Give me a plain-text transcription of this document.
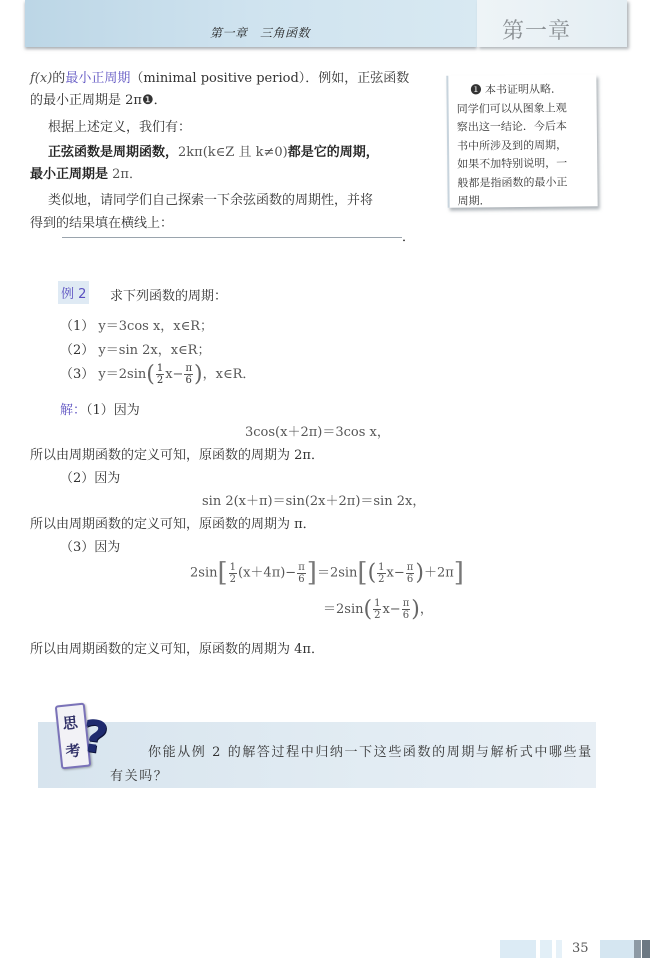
第一章　三角函数	第一章
f(x)的最小正周期（minimal positive period）．例如，正弦函数
的最小正周期是 2π❶．
根据上述定义，我们有：
正弦函数是周期函数，2kπ(k∈Z 且 k≠0)都是它的周期，
最小正周期是 2π．
类似地，请同学们自己探索一下余弦函数的周期性，并将
得到的结果填在横线上：
．
❶ 本书证明从略．
同学们可以从图象上观
察出这一结论．今后本
书中所涉及到的周期，
如果不加特别说明，一
般都是指函数的最小正
周期．
例 2 求下列函数的周期：
（1） y＝3cos x，x∈R；
（2） y＝sin 2x，x∈R；
（3） $y=2\sin( \frac{1}{2} x- \frac{\pi}{6}$ )，x∈R．
解：（1）因为
3cos(x＋2π)＝3cos x，
所以由周期函数的定义可知，原函数的周期为 2π．
（2）因为
sin 2(x＋π)＝sin(2x＋2π)＝sin 2x，
所以由周期函数的定义可知，原函数的周期为 π．
（3）因为
$2\sin[ \frac{1}{2} (x+4\pi)- \frac{\pi}{6} ]=2\sin[( \frac{1}{2} x- \frac{\pi}{6} )+2\pi]$
$=2\sin( \frac{1}{2} x- \frac{\pi}{6}$ )，
所以由周期函数的定义可知，原函数的周期为 4π．
思
考
?	你能从例 2 的解答过程中归纳一下这些函数的周期与解析式中哪些量
有关吗？
35
